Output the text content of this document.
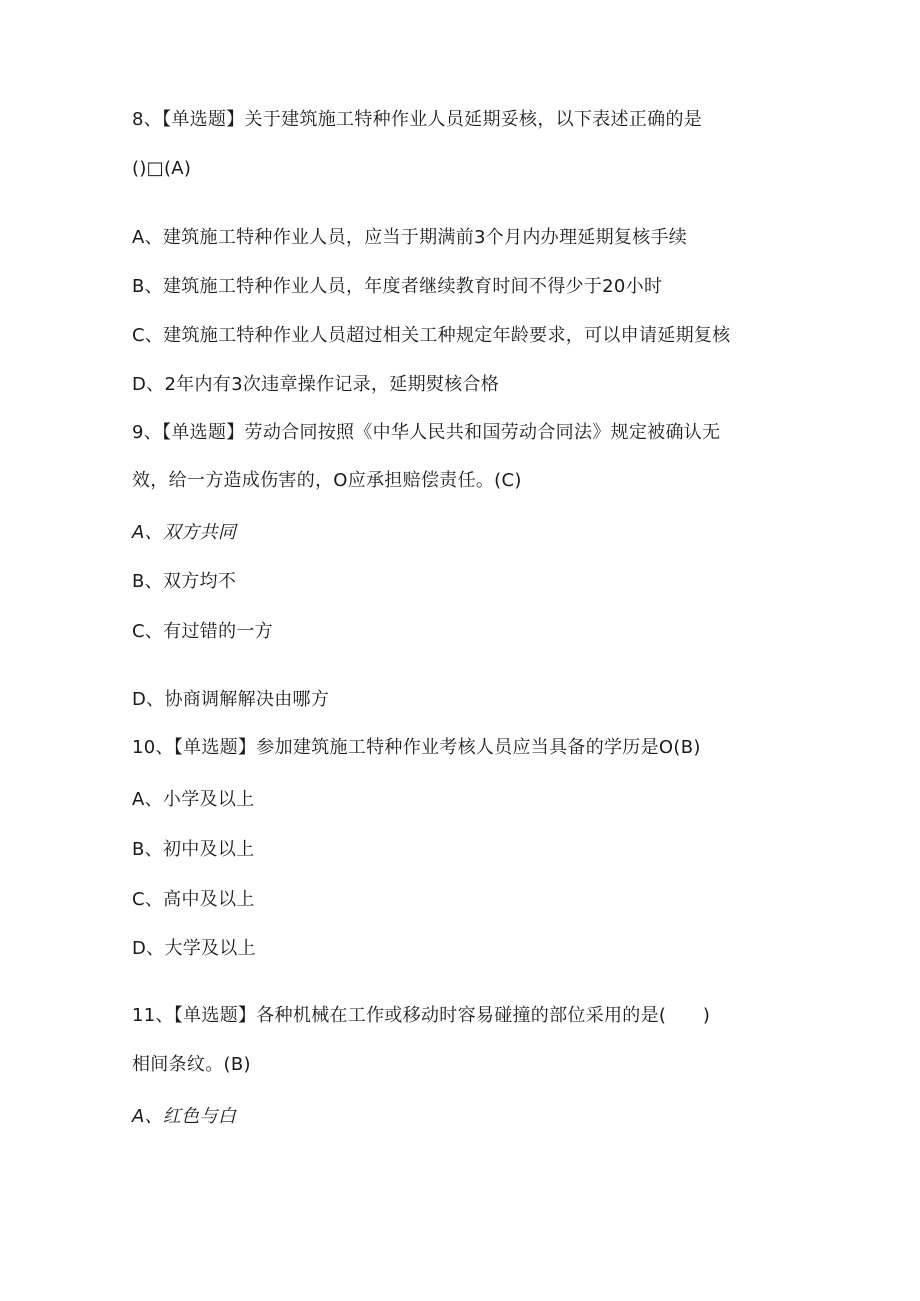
8、【单选题】关于建筑施工特种作业人员延期妥核，以下表述正确的是
()□(A)
A、建筑施工特种作业人员，应当于期满前3个月内办理延期复核手续
B、建筑施工特种作业人员，年度者继续教育时间不得少于20小时
C、建筑施工特种作业人员超过相关工种规定年龄要求，可以申请延期复核
D、2年内有3次违章操作记录，延期熨核合格
9、【单选题】劳动合同按照《中华人民共和国劳动合同法》规定被确认无
效，给一方造成伤害的，O应承担赔偿责任。(C)
A、双方共同
B、双方均不
C、有过错的一方
D、协商调解解决由哪方
10、【单选题】参加建筑施工特种作业考核人员应当具备的学历是O(B)
A、小学及以上
B、初中及以上
C、高中及以上
D、大学及以上
11、【单选题】各种机械在工作或移动时容易碰撞的部位采用的是(　　)
相间条纹。(B)
A、红色与白
